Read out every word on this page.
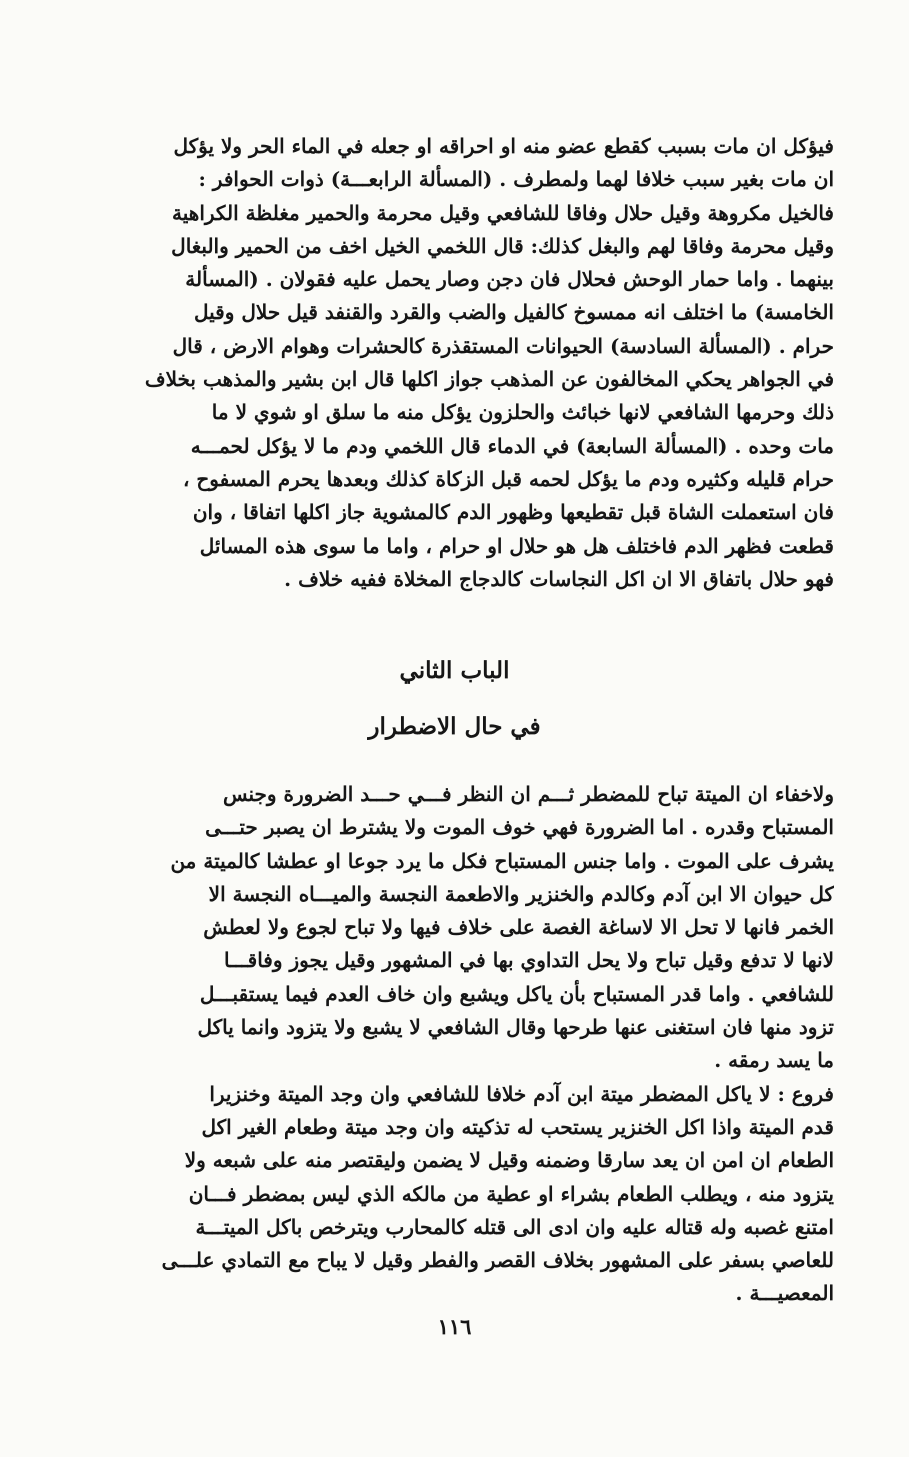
فيؤكل ان مات بسبب كقطع عضو منه او احراقه او جعله في الماء الحر ولا يؤكل
ان مات بغير سبب خلافا لهما ولمطرف . (المسألة الرابعـــة) ذوات الحوافر :
فالخيل مكروهة وقيل حلال وفاقا للشافعي وقيل محرمة والحمير مغلظة الكراهية
وقيل محرمة وفاقا لهم والبغل كذلك: قال اللخمي الخيل اخف من الحمير والبغال
بينهما . واما حمار الوحش فحلال فان دجن وصار يحمل عليه فقولان . (المسألة
الخامسة) ما اختلف انه ممسوخ كالفيل والضب والقرد والقنفد قيل حلال وقيل
حرام . (المسألة السادسة) الحيوانات المستقذرة كالحشرات وهوام الارض ، قال
في الجواهر يحكي المخالفون عن المذهب جواز اكلها قال ابن بشير والمذهب بخلاف
ذلك وحرمها الشافعي لانها خبائث والحلزون يؤكل منه ما سلق او شوي لا ما
مات وحده . (المسألة السابعة) في الدماء قال اللخمي ودم ما لا يؤكل لحمـــه
حرام قليله وكثيره ودم ما يؤكل لحمه قبل الزكاة كذلك وبعدها يحرم المسفوح ،
فان استعملت الشاة قبل تقطيعها وظهور الدم كالمشوية جاز اكلها اتفاقا ، وان
قطعت فظهر الدم فاختلف هل هو حلال او حرام ، واما ما سوى هذه المسائل
فهو حلال باتفاق الا ان اكل النجاسات كالدجاج المخلاة ففيه خلاف .
الباب الثاني
في حال الاضطرار
ولاخفاء ان الميتة تباح للمضطر ثـــم ان النظر فـــي حـــد الضرورة وجنس
المستباح وقدره . اما الضرورة فهي خوف الموت ولا يشترط ان يصبر حتـــى
يشرف على الموت . واما جنس المستباح فكل ما يرد جوعا او عطشا كالميتة من
كل حيوان الا ابن آدم وكالدم والخنزير والاطعمة النجسة والميـــاه النجسة الا
الخمر فانها لا تحل الا لاساغة الغصة على خلاف فيها ولا تباح لجوع ولا لعطش
لانها لا تدفع وقيل تباح ولا يحل التداوي بها في المشهور وقيل يجوز وفاقـــا
للشافعي . واما قدر المستباح بأن ياكل ويشبع وان خاف العدم فيما يستقبـــل
تزود منها فان استغنى عنها طرحها وقال الشافعي لا يشبع ولا يتزود وانما ياكل
ما يسد رمقه .
فروع : لا ياكل المضطر ميتة ابن آدم خلافا للشافعي وان وجد الميتة وخنزيرا
قدم الميتة واذا اكل الخنزير يستحب له تذكيته وان وجد ميتة وطعام الغير اكل
الطعام ان امن ان يعد سارقا وضمنه وقيل لا يضمن وليقتصر منه على شبعه ولا
يتزود منه ، ويطلب الطعام بشراء او عطية من مالكه الذي ليس بمضطر فـــان
امتنع غصبه وله قتاله عليه وان ادى الى قتله كالمحارب ويترخص باكل الميتـــة
للعاصي بسفر على المشهور بخلاف القصر والفطر وقيل لا يباح مع التمادي علـــى
المعصيـــة .
١١٦
